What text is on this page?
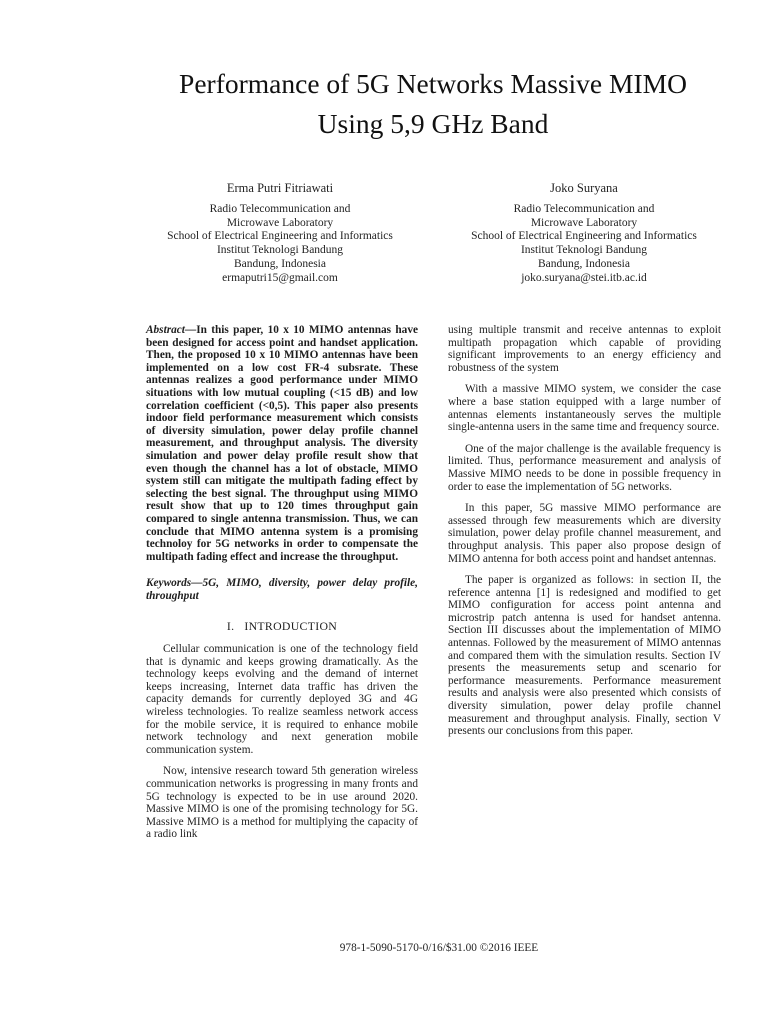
Performance of 5G Networks Massive MIMO
Using 5,9 GHz Band
Erma Putri Fitriawati
Radio Telecommunication and
Microwave Laboratory
School of Electrical Engineering and Informatics
Institut Teknologi Bandung
Bandung, Indonesia
ermaputri15@gmail.com
Joko Suryana
Radio Telecommunication and
Microwave Laboratory
School of Electrical Engineering and Informatics
Institut Teknologi Bandung
Bandung, Indonesia
joko.suryana@stei.itb.ac.id

Abstract—In this paper, 10 x 10 MIMO antennas have been designed for access point and handset application. Then, the proposed 10 x 10 MIMO antennas have been implemented on a low cost FR-4 subsrate. These antennas realizes a good performance under MIMO situations with low mutual coupling (<15 dB) and low correlation coefficient (<0,5). This paper also presents indoor field performance measurement which consists of diversity simulation, power delay profile channel measurement, and throughput analysis. The diversity simulation and power delay profile result show that even though the channel has a lot of obstacle, MIMO system still can mitigate the multipath fading effect by selecting the best signal. The throughput using MIMO result show that up to 120 times throughput gain compared to single antenna transmission. Thus, we can conclude that MIMO antenna system is a promising technoloy for 5G networks in order to compensate the multipath fading effect and increase the throughput.

Keywords—5G, MIMO, diversity, power delay profile, throughput

I. INTRODUCTION

Cellular communication is one of the technology field that is dynamic and keeps growing dramatically. As the technology keeps evolving and the demand of internet keeps increasing, Internet data traffic has driven the capacity demands for currently deployed 3G and 4G wireless technologies. To realize seamless network access for the mobile service, it is required to enhance mobile network technology and next generation mobile communication system.

Now, intensive research toward 5th generation wireless communication networks is progressing in many fronts and 5G technology is expected to be in use around 2020. Massive MIMO is one of the promising technology for 5G. Massive MIMO is a method for multiplying the capacity of a radio link

using multiple transmit and receive antennas to exploit multipath propagation which capable of providing significant improvements to an energy efficiency and robustness of the system

With a massive MIMO system, we consider the case where a base station equipped with a large number of antennas elements instantaneously serves the multiple single-antenna users in the same time and frequency source.

One of the major challenge is the available frequency is limited. Thus, performance measurement and analysis of Massive MIMO needs to be done in possible frequency in order to ease the implementation of 5G networks.

In this paper, 5G massive MIMO performance are assessed through few measurements which are diversity simulation, power delay profile channel measurement, and throughput analysis. This paper also propose design of MIMO antenna for both access point and handset antennas.

The paper is organized as follows: in section II, the reference antenna [1] is redesigned and modified to get MIMO configuration for access point antenna and microstrip patch antenna is used for handset antenna. Section III discusses about the implementation of MIMO antennas. Followed by the measurement of MIMO antennas and compared them with the simulation results. Section IV presents the measurements setup and scenario for performance measurements. Performance measurement results and analysis were also presented which consists of diversity simulation, power delay profile channel measurement and throughput analysis. Finally, section V presents our conclusions from this paper.

978-1-5090-5170-0/16/$31.00 ©2016 IEEE
